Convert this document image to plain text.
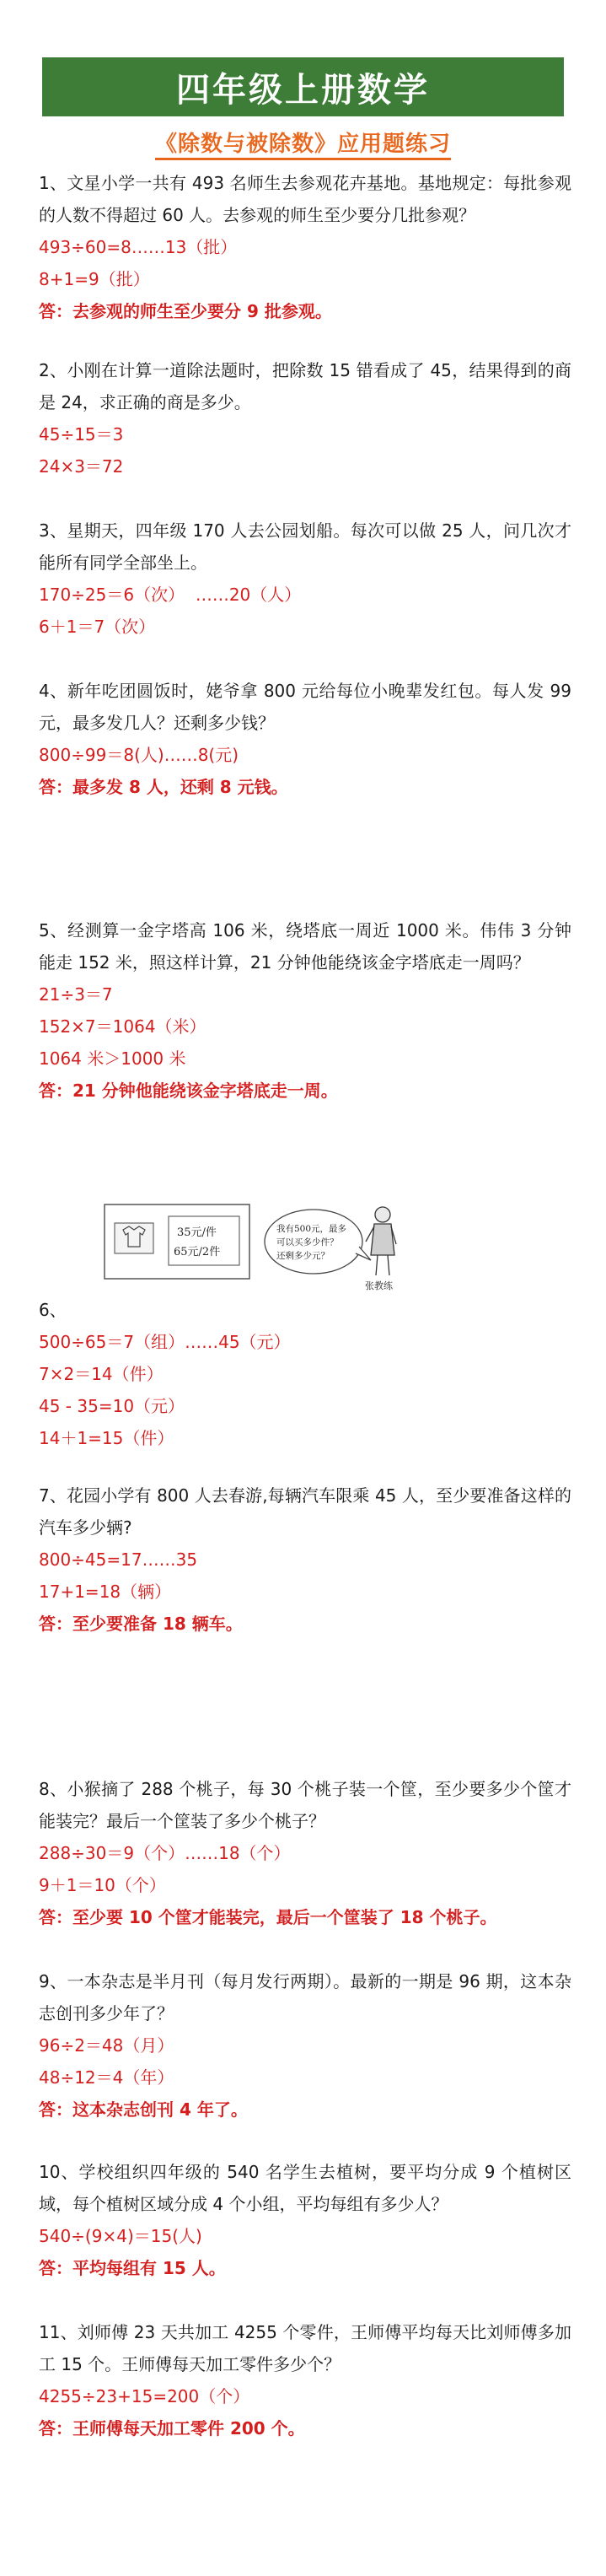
四年级上册数学
《除数与被除数》应用题练习
1、文星小学一共有 493 名师生去参观花卉基地。基地规定：每批参观的人数不得超过 60 人。去参观的师生至少要分几批参观？
493÷60=8……13（批）
8+1=9（批）
答：去参观的师生至少要分 9 批参观。
2、小刚在计算一道除法题时，把除数 15 错看成了 45，结果得到的商是 24，求正确的商是多少。
45÷15＝3
24×3＝72
3、星期天，四年级 170 人去公园划船。每次可以做 25 人，问几次才能所有同学全部坐上。
170÷25＝6（次）  ……20（人）
6＋1＝7（次）
4、新年吃团圆饭时，姥爷拿 800 元给每位小晚辈发红包。每人发 99 元，最多发几人？还剩多少钱？
800÷99＝8(人)……8(元)
答：最多发 8 人，还剩 8 元钱。
5、经测算一金字塔高 106 米，绕塔底一周近 1000 米。伟伟 3 分钟能走 152 米，照这样计算，21 分钟他能绕该金字塔底走一周吗？
21÷3＝7
152×7＝1064（米）
1064 米＞1000 米
答：21 分钟他能绕该金字塔底走一周。
35元/件
65元/2件
我有500元，最多
可以买多少件？
还剩多少元？
张教练
6、
500÷65＝7（组）……45（元）
7×2＝14（件）
45 - 35=10（元）
14＋1=15（件）
7、花园小学有 800 人去春游,每辆汽车限乘 45 人，至少要准备这样的汽车多少辆?
800÷45=17……35
17+1=18（辆）
答：至少要准备 18 辆车。
8、小猴摘了 288 个桃子，每 30 个桃子装一个筐，至少要多少个筐才能装完？最后一个筐装了多少个桃子？
288÷30＝9（个）……18（个）
9＋1＝10（个）
答：至少要 10 个筐才能装完，最后一个筐装了 18 个桃子。
9、一本杂志是半月刊（每月发行两期）。最新的一期是 96 期，这本杂志创刊多少年了？
96÷2＝48（月）
48÷12＝4（年）
答：这本杂志创刊 4 年了。
10、学校组织四年级的 540 名学生去植树，要平均分成 9 个植树区域，每个植树区域分成 4 个小组，平均每组有多少人？
540÷(9×4)＝15(人)
答：平均每组有 15 人。
11、刘师傅 23 天共加工 4255 个零件，王师傅平均每天比刘师傅多加工 15 个。王师傅每天加工零件多少个？
4255÷23+15=200（个）
答：王师傅每天加工零件 200 个。
